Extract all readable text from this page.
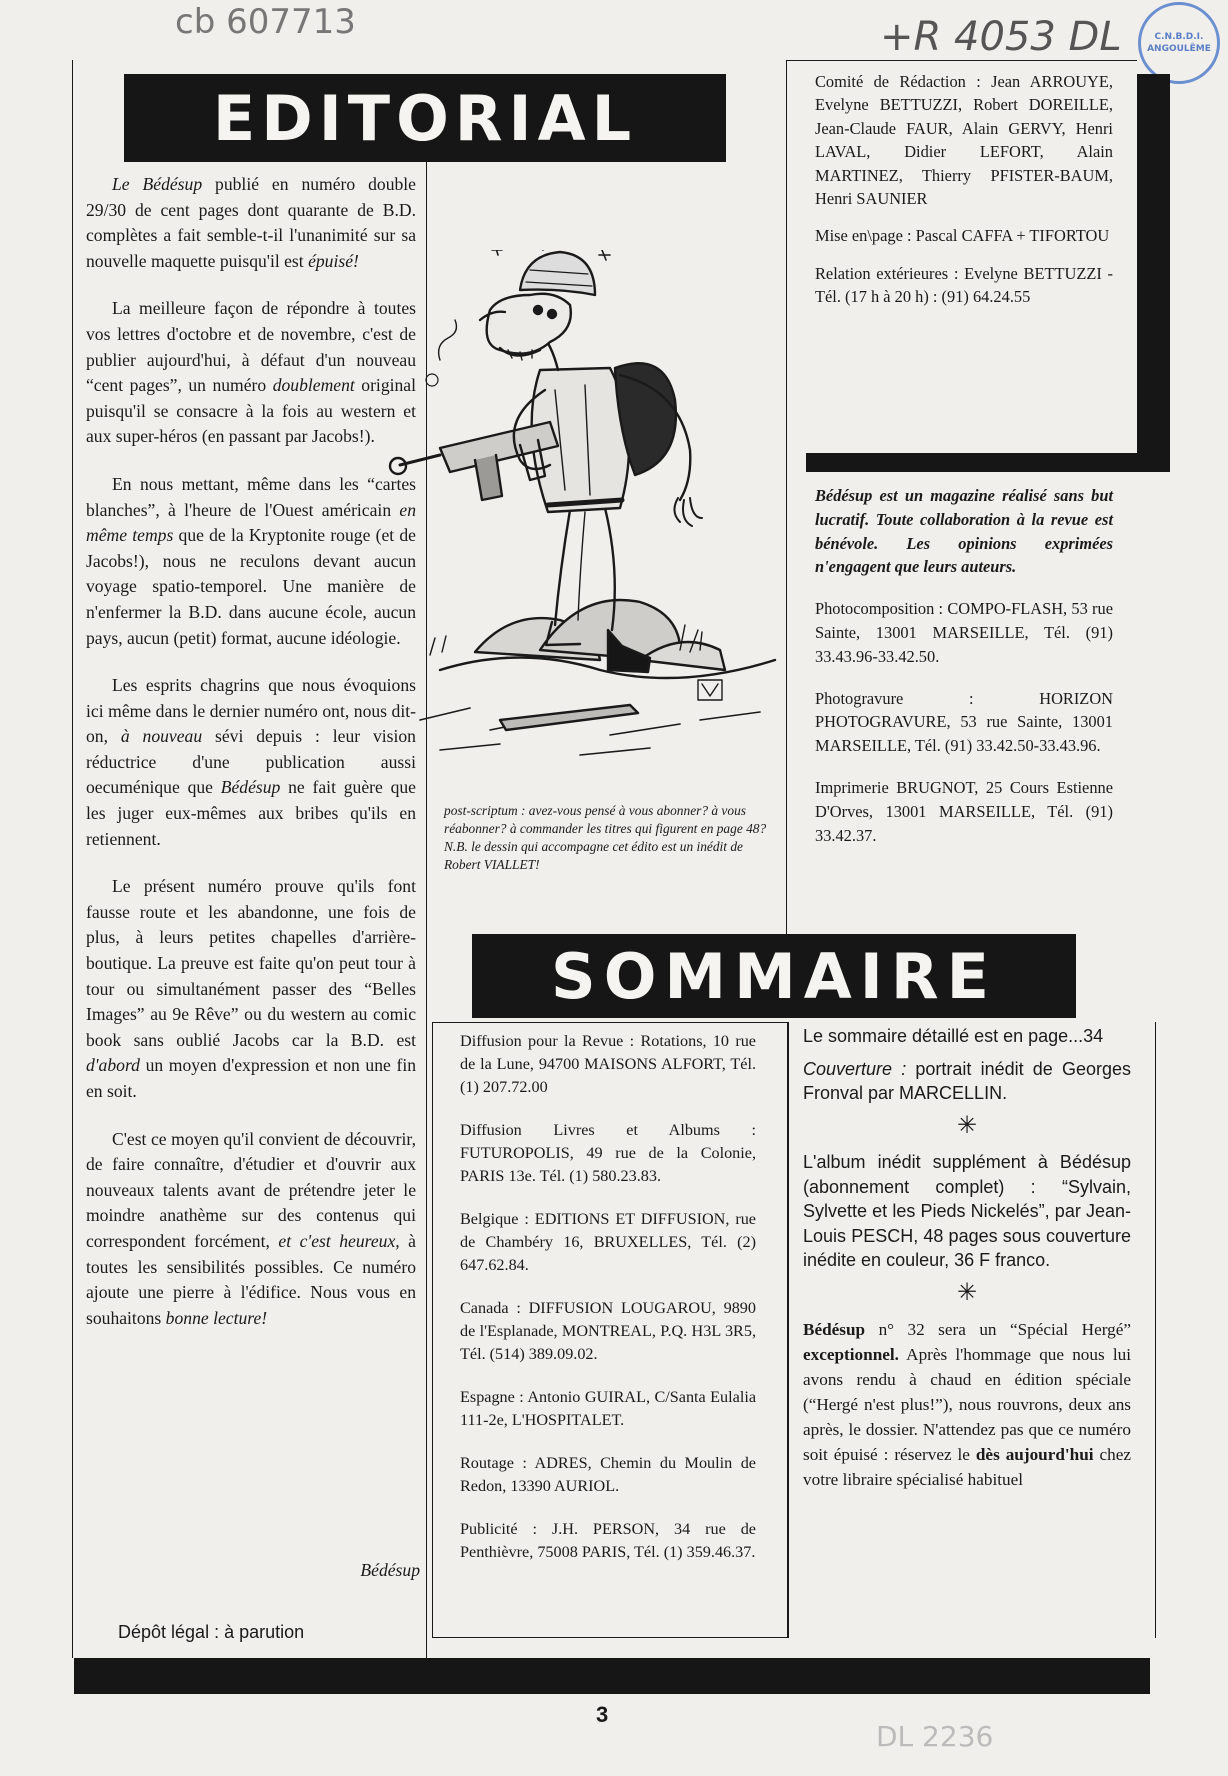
cb 607713	+R 4053 DL	C.N.B.D.I. ANGOULÊME
DL 2236
EDITORIAL

Le Bédésup publié en numéro double 29/30 de cent pages dont quarante de B.D. complètes a fait semble-t-il l'unanimité sur sa nouvelle maquette puisqu'il est épuisé!

La meilleure façon de répondre à toutes vos lettres d'octobre et de novembre, c'est de publier aujourd'hui, à défaut d'un nouveau “cent pages”, un numéro doublement original puisqu'il se consacre à la fois au western et aux super-héros (en passant par Jacobs!).

En nous mettant, même dans les “cartes blanches”, à l'heure de l'Ouest américain en même temps que de la Kryptonite rouge (et de Jacobs!), nous ne reculons devant aucun voyage spatio-temporel. Une manière de n'enfermer la B.D. dans aucune école, aucun pays, aucun (petit) format, aucune idéologie.

Les esprits chagrins que nous évoquions ici même dans le dernier numéro ont, nous dit-on, à nouveau sévi depuis : leur vision réductrice d'une publication aussi oecuménique que Bédésup ne fait guère que les juger eux-mêmes aux bribes qu'ils en retiennent.

Le présent numéro prouve qu'ils font fausse route et les abandonne, une fois de plus, à leurs petites chapelles d'arrière-boutique. La preuve est faite qu'on peut tour à tour ou simultanément passer des “Belles Images” au 9e Rêve” ou du western au comic book sans oublié Jacobs car la B.D. est d'abord un moyen d'expression et non une fin en soit.

C'est ce moyen qu'il convient de découvrir, de faire connaître, d'étudier et d'ouvrir aux nouveaux talents avant de prétendre jeter le moindre anathème sur des contenus qui correspondent forcément, et c'est heureux, à toutes les sensibilités possibles. Ce numéro ajoute une pierre à l'édifice. Nous vous en souhaitons bonne lecture!

Bédésup
Dépôt légal : à parution

Comité de Rédaction : Jean ARROUYE, Evelyne BETTUZZI, Robert DOREILLE, Jean-Claude FAUR, Alain GERVY, Henri LAVAL, Didier LEFORT, Alain MARTINEZ, Thierry PFISTER-BAUM, Henri SAUNIER

Mise en\page : Pascal CAFFA + TIFORTOU

Relation extérieures : Evelyne BETTUZZI - Tél. (17 h à 20 h) : (91) 64.24.55

Bédésup est un magazine réalisé sans but lucratif. Toute collaboration à la revue est bénévole. Les opinions exprimées n'engagent que leurs auteurs.

Photocomposition : COMPO-FLASH, 53 rue Sainte, 13001 MARSEILLE, Tél. (91) 33.43.96-33.42.50.

Photogravure : HORIZON PHOTOGRAVURE, 53 rue Sainte, 13001 MARSEILLE, Tél. (91) 33.42.50-33.43.96.

Imprimerie BRUGNOT, 25 Cours Estienne D'Orves, 13001 MARSEILLE, Tél. (91) 33.42.37.

post-scriptum : avez-vous pensé à vous abonner? à vous réabonner? à commander les titres qui figurent en page 48? N.B. le dessin qui accompagne cet édito est un inédit de Robert VIALLET!
SOMMAIRE

Diffusion pour la Revue : Rotations, 10 rue de la Lune, 94700 MAISONS ALFORT, Tél. (1) 207.72.00

Diffusion Livres et Albums : FUTUROPOLIS, 49 rue de la Colonie, PARIS 13e. Tél. (1) 580.23.83.

Belgique : EDITIONS ET DIFFUSION, rue de Chambéry 16, BRUXELLES, Tél. (2) 647.62.84.

Canada : DIFFUSION LOUGAROU, 9890 de l'Esplanade, MONTREAL, P.Q. H3L 3R5, Tél. (514) 389.09.02.

Espagne : Antonio GUIRAL, C/Santa Eulalia 111-2e, L'HOSPITALET.

Routage : ADRES, Chemin du Moulin de Redon, 13390 AURIOL.

Publicité : J.H. PERSON, 34 rue de Penthièvre, 75008 PARIS, Tél. (1) 359.46.37.

Le sommaire détaillé est en page...34

Couverture : portrait inédit de Georges Fronval par MARCELLIN.

✳

L'album inédit supplément à Bédésup (abonnement complet) : “Sylvain, Sylvette et les Pieds Nickelés”, par Jean-Louis PESCH, 48 pages sous couverture inédite en couleur, 36 F franco.

✳

Bédésup n° 32 sera un “Spécial Hergé” exceptionnel. Après l'hommage que nous lui avons rendu à chaud en édition spéciale (“Hergé n'est plus!”), nous rouvrons, deux ans après, le dossier. N'attendez pas que ce numéro soit épuisé : réservez le dès aujourd'hui chez votre libraire spécialisé habituel

3
